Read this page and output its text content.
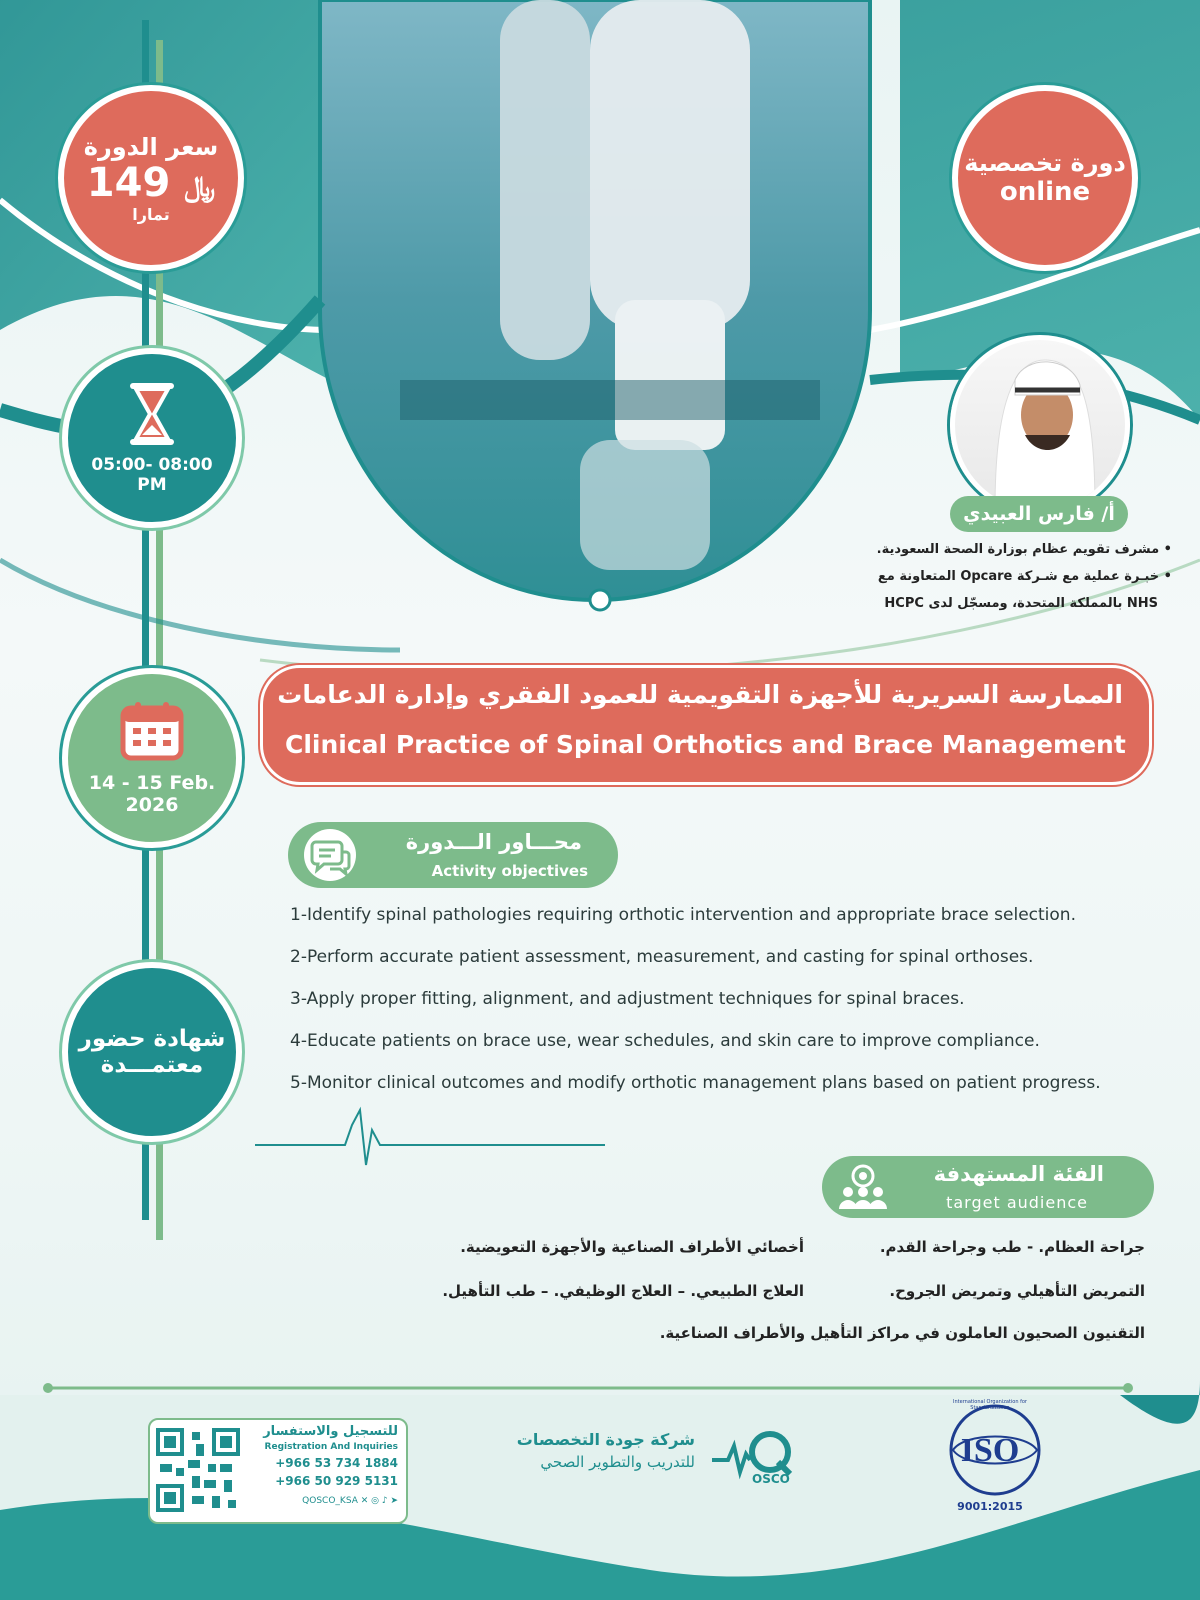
سعر الدورة
149 ﷼
تمارا
دورة تخصصية
online
05:00- 08:00
PM
أ/ فارس العبيدي
• مشرف تقويم عظام بوزارة الصحة السعودية.
• خبـرة عملية مع شـركة Opcare المتعاونة مع
NHS بالمملكة المتحدة، ومسجّل لدى HCPC
14 - 15 Feb.
2026
شهادة حضور
معتمـــدة
الممارسة السريرية للأجهزة التقويمية للعمود الفقري وإدارة الدعامات
Clinical Practice of Spinal Orthotics and Brace Management
محـــاور الـــدورة
Activity objectives
1-Identify spinal pathologies requiring orthotic intervention and appropriate brace selection.
2-Perform accurate patient assessment, measurement, and casting for spinal orthoses.
3-Apply proper fitting, alignment, and adjustment techniques for spinal braces.
4-Educate patients on brace use, wear schedules, and skin care to improve compliance.
5-Monitor clinical outcomes and modify orthotic management plans based on patient progress.
الفئة المستهدفة
target audience
جراحة العظام. - طب وجراحة القدم.
التمريض التأهيلي وتمريض الجروح.
أخصائي الأطراف الصناعية والأجهزة التعويضية.
العلاج الطبيعي. – العلاج الوظيفي. – طب التأهيل.
التقنيون الصحيون العاملون في مراكز التأهيل والأطراف الصناعية.
للتسجيل والاستفسار
Registration And Inquiries
+966 53 734 1884
+966 50 929 5131
QOSCO_KSA ✕ ◎ ♪ ➤
شركة جودة التخصصات
للتدريب والتطوير الصحي
OSCO
ISO
International Organization for Standardization
9001:2015
